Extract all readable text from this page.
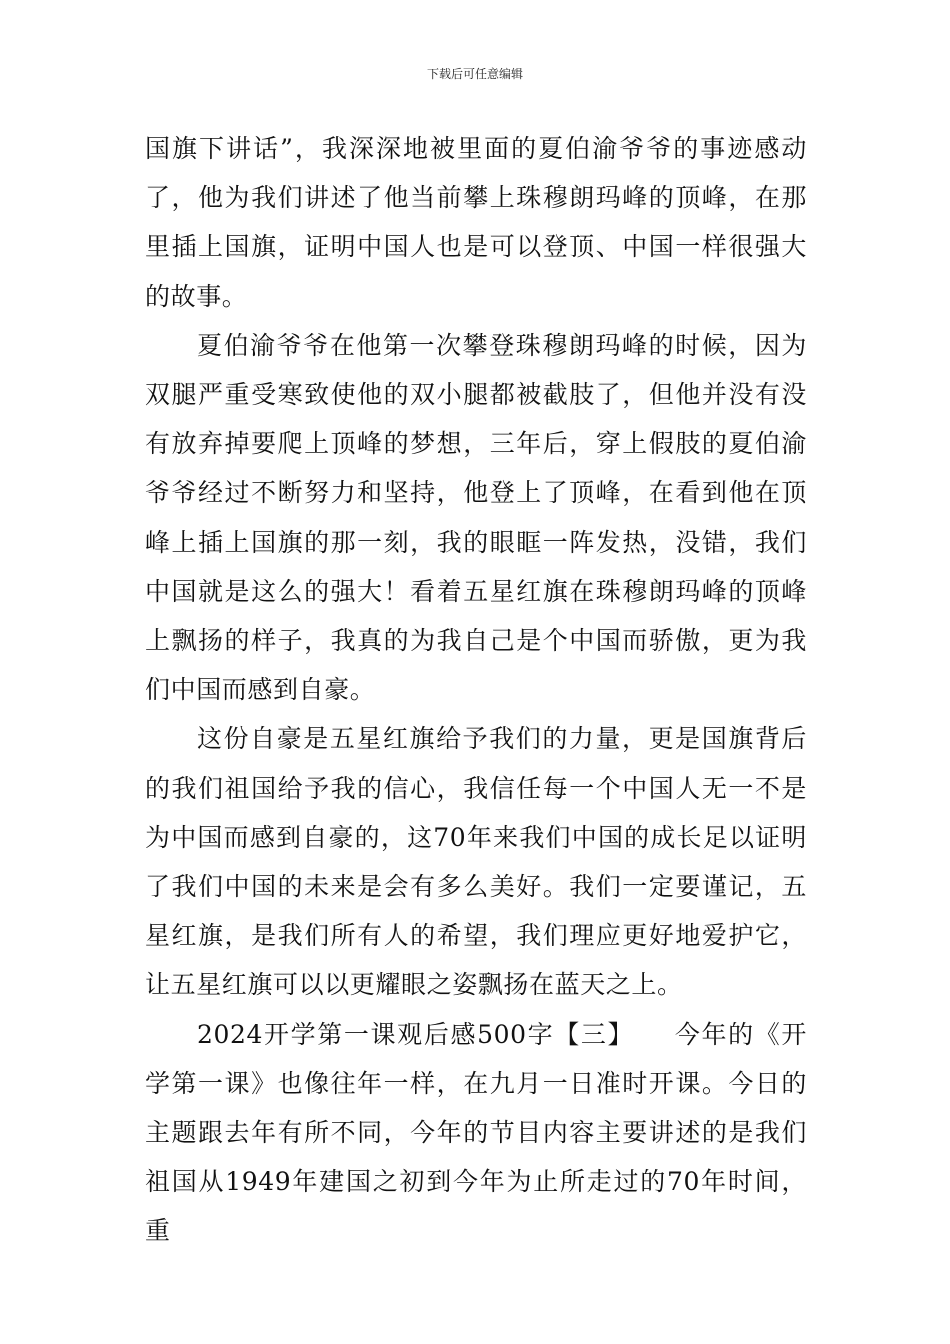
下载后可任意编辑

国旗下讲话”，我深深地被里面的夏伯渝爷爷的事迹感动了，他为我们讲述了他当前攀上珠穆朗玛峰的顶峰，在那里插上国旗，证明中国人也是可以登顶、中国一样很强大的故事。

夏伯渝爷爷在他第一次攀登珠穆朗玛峰的时候，因为双腿严重受寒致使他的双小腿都被截肢了，但他并没有没有放弃掉要爬上顶峰的梦想，三年后，穿上假肢的夏伯渝爷爷经过不断努力和坚持，他登上了顶峰，在看到他在顶峰上插上国旗的那一刻，我的眼眶一阵发热，没错，我们中国就是这么的强大！看着五星红旗在珠穆朗玛峰的顶峰上飘扬的样子，我真的为我自己是个中国而骄傲，更为我们中国而感到自豪。

这份自豪是五星红旗给予我们的力量，更是国旗背后的我们祖国给予我的信心，我信任每一个中国人无一不是为中国而感到自豪的，这70年来我们中国的成长足以证明了我们中国的未来是会有多么美好。我们一定要谨记，五星红旗，是我们所有人的希望，我们理应更好地爱护它，让五星红旗可以以更耀眼之姿飘扬在蓝天之上。

2024开学第一课观后感500字【三】　　今年的《开学第一课》也像往年一样，在九月一日准时开课。今日的主题跟去年有所不同，今年的节目内容主要讲述的是我们祖国从1949年建国之初到今年为止所走过的70年时间，重
